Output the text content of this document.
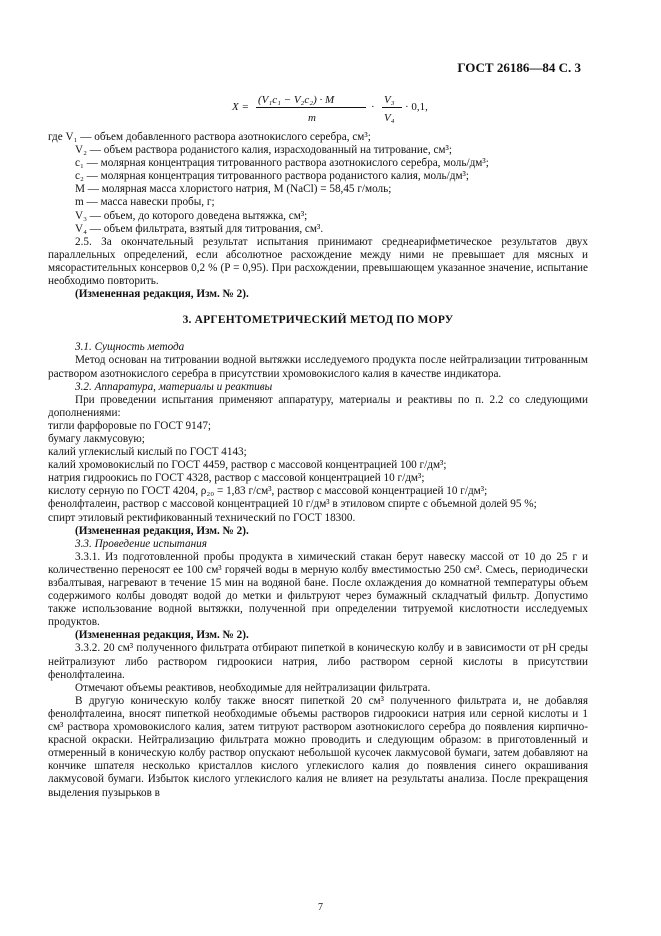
ГОСТ 26186—84 С. 3
X =
(V₁c₁ − V₂c₂) · M
m
·
V₃
V₄
· 0,1,

где V₁ — объем добавленного раствора азотнокислого серебра, см³;

V₂ — объем раствора роданистого калия, израсходованный на титрование, см³;

c₁ — молярная концентрация титрованного раствора азотнокислого серебра, моль/дм³;

c₂ — молярная концентрация титрованного раствора роданистого калия, моль/дм³;

M — молярная масса хлористого натрия, M (NaCl) = 58,45 г/моль;

m — масса навески пробы, г;

V₃ — объем, до которого доведена вытяжка, см³;

V₄ — объем фильтрата, взятый для титрования, см³.

2.5. За окончательный результат испытания принимают среднеарифметическое результатов двух параллельных определений, если абсолютное расхождение между ними не превышает для мясных и мясорастительных консервов 0,2 % (P = 0,95). При расхождении, превышающем указанное значение, испытание необходимо повторить.

(Измененная редакция, Изм. № 2).

3. АРГЕНТОМЕТРИЧЕСКИЙ МЕТОД ПО МОРУ

3.1. Сущность метода

Метод основан на титровании водной вытяжки исследуемого продукта после нейтрализации титрованным раствором азотнокислого серебра в присутствии хромовокислого калия в качестве индикатора.

3.2. Аппаратура, материалы и реактивы

При проведении испытания применяют аппаратуру, материалы и реактивы по п. 2.2 со следующими дополнениями:

тигли фарфоровые по ГОСТ 9147;

бумагу лакмусовую;

калий углекислый кислый по ГОСТ 4143;

калий хромовокислый по ГОСТ 4459, раствор с массовой концентрацией 100 г/дм³;

натрия гидроокись по ГОСТ 4328, раствор с массовой концентрацией 10 г/дм³;

кислоту серную по ГОСТ 4204, ρ₂₀ = 1,83 г/см³, раствор с массовой концентрацией 10 г/дм³;

фенолфталеин, раствор с массовой концентрацией 10 г/дм³ в этиловом спирте с объемной долей 95 %;

спирт этиловый ректификованный технический по ГОСТ 18300.

(Измененная редакция, Изм. № 2).

3.3. Проведение испытания

3.3.1. Из подготовленной пробы продукта в химический стакан берут навеску массой от 10 до 25 г и количественно переносят ее 100 см³ горячей воды в мерную колбу вместимостью 250 см³. Смесь, периодически взбалтывая, нагревают в течение 15 мин на водяной бане. После охлаждения до комнатной температуры объем содержимого колбы доводят водой до метки и фильтруют через бумажный складчатый фильтр. Допустимо также использование водной вытяжки, полученной при определении титруемой кислотности исследуемых продуктов.

(Измененная редакция, Изм. № 2).

3.3.2. 20 см³ полученного фильтрата отбирают пипеткой в коническую колбу и в зависимости от pH среды нейтрализуют либо раствором гидроокиси натрия, либо раствором серной кислоты в присутствии фенолфталеина.

Отмечают объемы реактивов, необходимые для нейтрализации фильтрата.

В другую коническую колбу также вносят пипеткой 20 см³ полученного фильтрата и, не добавляя фенолфталеина, вносят пипеткой необходимые объемы растворов гидроокиси натрия или серной кислоты и 1 см³ раствора хромовокислого калия, затем титруют раствором азотнокислого серебра до появления кирпично-красной окраски. Нейтрализацию фильтрата можно проводить и следующим образом: в приготовленный и отмеренный в коническую колбу раствор опускают небольшой кусочек лакмусовой бумаги, затем добавляют на кончике шпателя несколько кристаллов кислого углекислого калия до появления синего окрашивания лакмусовой бумаги. Избыток кислого углекислого калия не влияет на результаты анализа. После прекращения выделения пузырьков в

7
